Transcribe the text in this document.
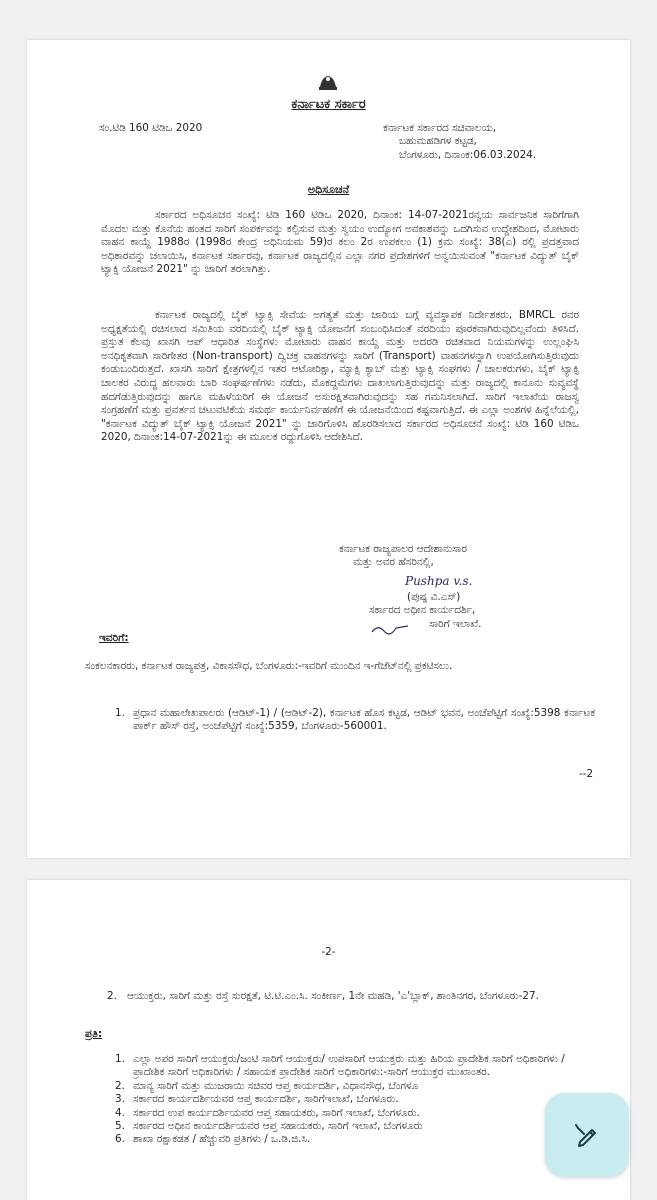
ಕರ್ನಾಟಕ ಸರ್ಕಾರ
ಸಂ.ಟಿಡಿ 160 ಟಿಡಿಒ 2020	ಕರ್ನಾಟಕ ಸರ್ಕಾರದ ಸಚಿವಾಲಯ,
ಬಹುಮಹಡಿಗಳ ಕಟ್ಟಡ,
ಬೆಂಗಳೂರು, ದಿನಾಂಕ:06.03.2024.
ಅಧಿಸೂಚನೆ
ಸರ್ಕಾರದ ಅಧಿಸೂಚನ ಸಂಖ್ಯೆ: ಟಿಡಿ 160 ಟಿಡಿಒ 2020, ದಿನಾಂಕ: 14-07-2021ರನ್ವಯ ಸಾರ್ವಜನಿಕ ಸಾರಿಗೆಗಾಗಿ ಮೊದಲ ಮತ್ತು ಕೊನೆಯ ಹಂತದ ಸಾರಿಗೆ ಸಂಪರ್ಕವನ್ನು ಕಲ್ಪಿಸುವ ಮತ್ತು ಸ್ವಯಂ ಉದ್ಯೋಗ ಅವಕಾಶವನ್ನು ಒದಗಿಸುವ ಉದ್ದೇಶದಿಂದ, ಮೋಟಾರು ವಾಹನ ಕಾಯ್ದೆ 1988ರ (1998ರ ಕೇಂದ್ರ ಅಧಿನಿಯಮ 59)ರ ಕಲಂ 2ರ ಉಪಕಲಂ (1) ಕ್ರಮ ಸಂಖ್ಯೆ: 38(ಎ) ರಲ್ಲಿ ಪ್ರದತ್ತವಾದ ಅಧಿಕಾರವನ್ನು ಚಲಾಯಿಸಿ, ಕರ್ನಾಟಕ ಸರ್ಕಾರವು, ಕರ್ನಾಟಕ ರಾಜ್ಯದಲ್ಲಿನ ಎಲ್ಲಾ ನಗರ ಪ್ರದೇಶಗಳಿಗೆ ಅನ್ವಯಿಸುವಂತೆ "ಕರ್ನಾಟಕ ವಿದ್ಯುತ್ ಬೈಕ್ ಟ್ಯಾಕ್ಸಿ ಯೋಜನೆ 2021" ನ್ನು ಜಾರಿಗೆ ತರಲಾಗಿತ್ತು.
ಕರ್ನಾಟಕ ರಾಜ್ಯದಲ್ಲಿ ಬೈಕ್ ಟ್ಯಾಕ್ಸಿ ಸೇವೆಯ ಅಗತ್ಯತೆ ಮತ್ತು ಜಾರಿಯ ಬಗ್ಗೆ ವ್ಯವಸ್ಥಾಪಕ ನಿರ್ದೇಶಕರು, BMRCL ರವರ ಅಧ್ಯಕ್ಷತೆಯಲ್ಲಿ ರಚಿಸಲಾದ ಸಮಿತಿಯ ವರದಿಯಲ್ಲಿ ಬೈಕ್ ಟ್ಯಾಕ್ಸಿ ಯೋಜನೆಗೆ ಸಂಬಂಧಿಸಿದಂತೆ ವರದಿಯು ಪೂರಕವಾಗಿರುವುದಿಲ್ಲವೆಂದು ತಿಳಿಸಿದೆ. ಪ್ರಸ್ತುತ ಕೆಲವು ಖಾಸಗಿ ಆಪ್ ಆಧಾರಿತ ಸಂಸ್ಥೆಗಳು ಮೋಟಾರು ವಾಹನ ಕಾಯ್ದೆ ಮತ್ತು ಅದರಡಿ ರಚಿತವಾದ ನಿಯಮಗಳನ್ನು ಉಲ್ಲಂಘಿಸಿ ಅನಧಿಕೃತವಾಗಿ ಸಾರಿಗೇತರ (Non-transport) ದ್ವಿಚಕ್ರ ವಾಹನಗಳನ್ನು ಸಾರಿಗೆ (Transport) ವಾಹನಗಳನ್ನಾಗಿ ಉಪಯೋಗಿಸುತ್ತಿರುವುದು ಕಂಡುಬಂದಿರುತ್ತದೆ. ಖಾಸಗಿ ಸಾರಿಗೆ ಕ್ಷೇತ್ರಗಳಲ್ಲಿನ ಇತರ ಆಟೋರಿಕ್ಷಾ, ಮ್ಯಾಕ್ಸಿ ಕ್ಯಾಬ್ ಮತ್ತು ಟ್ಯಾಕ್ಸಿ ಸಂಘಗಳು / ಚಾಲಕರುಗಳು, ಬೈಕ್ ಟ್ಯಾಕ್ಸಿ ಚಾಲಕರ ವಿರುದ್ಧ ಹಲವಾರು ಬಾರಿ ಸಂಘರ್ಷಣೆಗಳು ನಡೆದು, ಮೊಕದ್ದಮೆಗಳು ದಾಖಲಾಗುತ್ತಿರುವುದನ್ನು ಮತ್ತು ರಾಜ್ಯದಲ್ಲಿ ಕಾನೂನು ಸುವ್ಯವಸ್ಥೆ ಹದಗೆಡುತ್ತಿರುವುದನ್ನು ಹಾಗೂ ಮಹಿಳೆಯರಿಗೆ ಈ ಯೋಜನೆ ಅಸುರಕ್ಷಿತವಾಗಿರುವುದನ್ನು ಸಹ ಗಮನಿಸಲಾಗಿದೆ. ಸಾರಿಗೆ ಇಲಾಖೆಯ ರಾಜಸ್ವ ಸಂಗ್ರಹಣೆಗೆ ಮತ್ತು ಪ್ರವರ್ತನ ಚಟುವಟಿಕೆಯ ಸಮರ್ಥ ಕಾರ್ಯನಿರ್ವಹಣೆಗೆ ಈ ಯೋಜನೆಯಿಂದ ಕಷ್ಟವಾಗುತ್ತಿದೆ. ಈ ಎಲ್ಲಾ ಅಂಶಗಳ ಹಿನ್ನೆಲೆಯಲ್ಲಿ, "ಕರ್ನಾಟಕ ವಿದ್ಯುತ್ ಬೈಕ್ ಟ್ಯಾಕ್ಸಿ ಯೋಜನೆ 2021" ನ್ನು ಜಾರಿಗೊಳಿಸಿ ಹೊರಡಿಸಲಾದ ಸರ್ಕಾರದ ಅಧಿಸೂಚನೆ ಸಂಖ್ಯೆ: ಟಿಡಿ 160 ಟಿಡಿಒ 2020, ದಿನಾಂಕ:14-07-2021ನ್ನು ಈ ಮೂಲಕ ರದ್ದುಗೊಳಿಸಿ ಆದೇಶಿಸಿದೆ.
ಕರ್ನಾಟಕ ರಾಜ್ಯಪಾಲರ ಆದೇಶಾನುಸಾರ
ಮತ್ತು ಅವರ ಹೆಸರಿನಲ್ಲಿ,
Pushpa v.s.
(ಪುಷ್ಪ ವಿ.ಎಸ್)
ಸರ್ಕಾರದ ಅಧೀನ ಕಾರ್ಯದರ್ಶಿ,
ಸಾರಿಗೆ ಇಲಾಖೆ.
ಇವರಿಗೆ:
ಸಂಕಲನಕಾರರು, ಕರ್ನಾಟಕ ರಾಜ್ಯಪತ್ರ, ವಿಕಾಸಸೌಧ, ಬೆಂಗಳೂರು:-ಇವರಿಗೆ ಮುಂದಿನ ಇ-ಗೆಜೆಟ್‌ನಲ್ಲಿ ಪ್ರಕಟಿಸಲು.
1. ಪ್ರಧಾನ ಮಹಾಲೇಖಪಾಲರು (ಆಡಿಟ್-1) / (ಆಡಿಟ್-2), ಕರ್ನಾಟಕ ಹೊಸ ಕಟ್ಟಡ, ಆಡಿಟ್ ಭವನ, ಅಂಚೆಪೆಟ್ಟಿಗೆ ಸಂಖ್ಯೆ:5398 ಕರ್ನಾಟಕ ಪಾರ್ಕ್ ಹೌಸ್ ರಸ್ತೆ, ಅಂಚೆಪೆಟ್ಟಿಗೆ ಸಂಖ್ಯೆ:5359, ಬೆಂಗಳೂರು-560001.
--2
-2-
2. ಆಯುಕ್ತರು, ಸಾರಿಗೆ ಮತ್ತು ರಸ್ತೆ ಸುರಕ್ಷತೆ, ಟಿ.ಟಿ.ಎಂ.ಸಿ. ಸಂಕೀರ್ಣ, 1ನೇ ಮಹಡಿ, 'ಎ'ಬ್ಲಾಕ್, ಶಾಂತಿನಗರ, ಬೆಂಗಳೂರು-27.
ಪ್ರತಿ:
1. ಎಲ್ಲಾ ಅಪರ ಸಾರಿಗೆ ಆಯುಕ್ತರು/ಜಂಟಿ ಸಾರಿಗೆ ಆಯುಕ್ತರು/ ಉಪಸಾರಿಗೆ ಆಯುಕ್ತರು ಮತ್ತು ಹಿರಿಯ ಪ್ರಾದೇಶಿಕ ಸಾರಿಗೆ ಅಧಿಕಾರಿಗಳು / ಪ್ರಾದೇಶಿಕ ಸಾರಿಗೆ ಅಧಿಕಾರಿಗಳು / ಸಹಾಯಕ ಪ್ರಾದೇಶಿಕ ಸಾರಿಗೆ ಅಧಿಕಾರಿಗಳು:-ಸಾರಿಗೆ ಆಯುಕ್ತರ ಮುಖಾಂತರ.
2. ಮಾನ್ಯ ಸಾರಿಗೆ ಮತ್ತು ಮುಜರಾಯಿ ಸಚಿವರ ಆಪ್ತ ಕಾರ್ಯದರ್ಶಿ, ವಿಧಾನಸೌಧ, ಬೆಂಗಳೂ
3. ಸರ್ಕಾರದ ಕಾರ್ಯದರ್ಶಿಯವರ ಆಪ್ತ ಕಾರ್ಯದರ್ಶಿ, ಸಾರಿಗೆಇಲಾಖೆ, ಬೆಂಗಳೂರು.
4. ಸರ್ಕಾರದ ಉಪ ಕಾರ್ಯದರ್ಶಿಯವರ ಆಪ್ತ ಸಹಾಯಕರು, ಸಾರಿಗೆ ಇಲಾಖೆ, ಬೆಂಗಳೂರು.
5. ಸರ್ಕಾರದ ಅಧೀನ ಕಾರ್ಯದರ್ಶಿಯವರ ಆಪ್ತ ಸಹಾಯಕರು, ಸಾರಿಗೆ ಇಲಾಖೆ, ಬೆಂಗಳೂರು
6. ಶಾಖಾ ರಕ್ಷಾಕಡತ / ಹೆಚ್ಚುವರಿ ಪ್ರತಿಗಳು / ಒ.ಡಿ.ಜಿ.ಸಿ.
